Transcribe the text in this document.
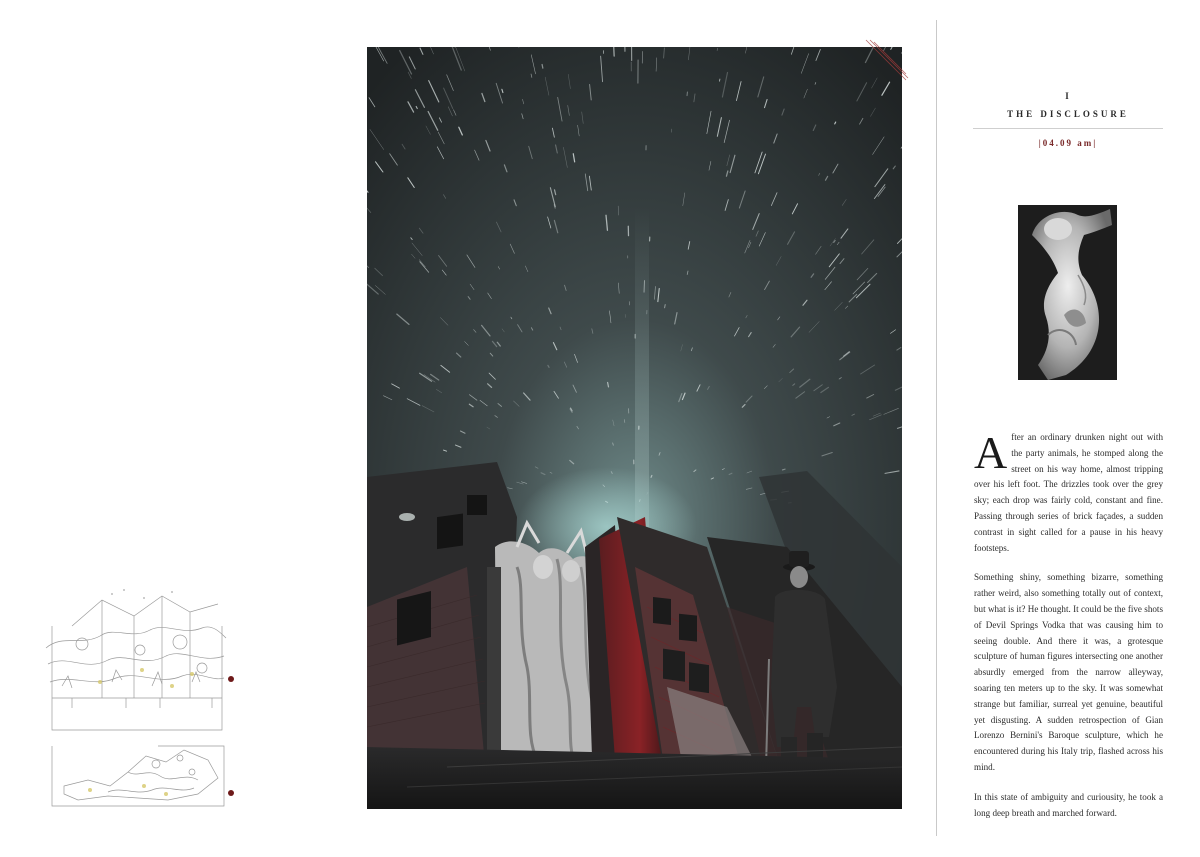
I

THE DISCLOSURE

|04.09 am|

After an ordinary drunken night out with the party animals, he stomped along the street on his way home, almost tripping over his left foot. The drizzles took over the grey sky; each drop was fairly cold, constant and fine. Passing through series of brick façades, a sudden contrast in sight called for a pause in his heavy footsteps.

Something shiny, something bizarre, something rather weird, also something totally out of context, but what is it? He thought. It could be the five shots of Devil Springs Vodka that was causing him to seeing double. And there it was, a grotesque sculpture of human figures intersecting one another absurdly emerged from the narrow alleyway, soaring ten meters up to the sky. It was somewhat strange but familiar, surreal yet genuine, beautiful yet disgusting. A sudden retrospection of Gian Lorenzo Bernini's Baroque sculpture, which he encountered during his Italy trip, flashed across his mind.

In this state of ambiguity and curiousity, he took a long deep breath and marched forward.
